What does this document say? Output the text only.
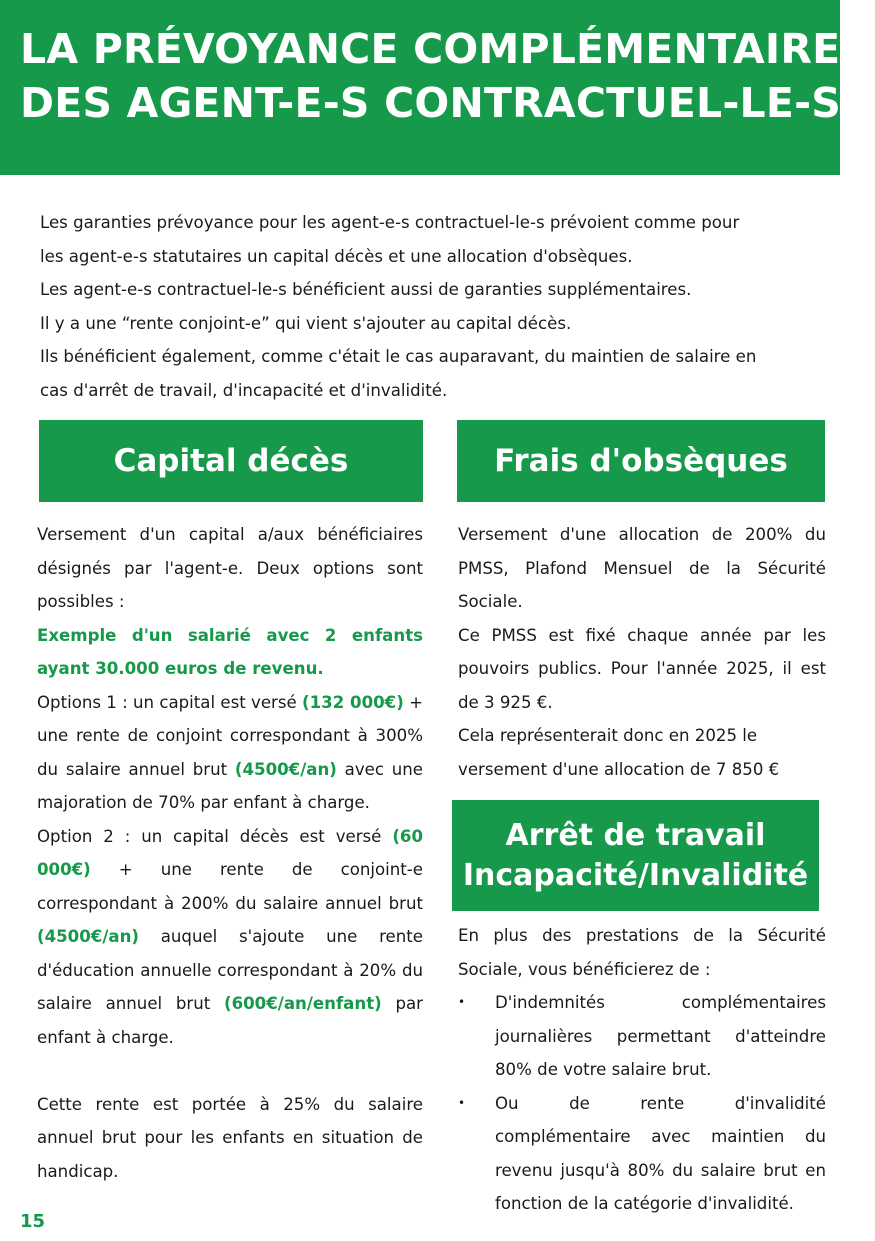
LA PRÉVOYANCE COMPLÉMENTAIRE
DES AGENT-E-S CONTRACTUEL-LE-S

Les garanties prévoyance pour les agent-e-s contractuel-le-s prévoient comme pour

les agent-e-s statutaires un capital décès et une allocation d'obsèques.

Les agent-e-s contractuel-le-s bénéficient aussi de garanties supplémentaires.

Il y a une “rente conjoint-e” qui vient s'ajouter au capital décès.

Ils bénéficient également, comme c'était le cas auparavant, du maintien de salaire en

cas d'arrêt de travail, d'incapacité et d'invalidité.

Capital décès	Frais d'obsèques

Versement d'un capital a/aux bénéficiaires désignés par l'agent-e. Deux options sont possibles :

Exemple d'un salarié avec 2 enfants ayant 30.000 euros de revenu.

Options 1 : un capital est versé (132 000€) + une rente de conjoint correspondant à 300% du salaire annuel brut (4500€/an) avec une majoration de 70% par enfant à charge.

Option 2 : un capital décès est versé (60 000€) + une rente de conjoint-e correspondant à 200% du salaire annuel brut (4500€/an) auquel s'ajoute une rente d'éducation annuelle correspondant à 20% du salaire annuel brut (600€/an/enfant) par enfant à charge.

Cette rente est portée à 25% du salaire annuel brut pour les enfants en situation de handicap.

Versement d'une allocation de 200% du PMSS, Plafond Mensuel de la Sécurité Sociale.

Ce PMSS est fixé chaque année par les pouvoirs publics. Pour l'année 2025, il est de 3 925 €.

Cela représenterait donc en 2025 le versement d'une allocation de 7 850 €

Arrêt de travail
Incapacité/Invalidité

En plus des prestations de la Sécurité Sociale, vous bénéficierez de :

• D'indemnités complémentaires journalières permettant d'atteindre 80% de votre salaire brut.
• Ou de rente d'invalidité complémentaire avec maintien du revenu jusqu'à 80% du salaire brut en fonction de la catégorie d'invalidité.
15
